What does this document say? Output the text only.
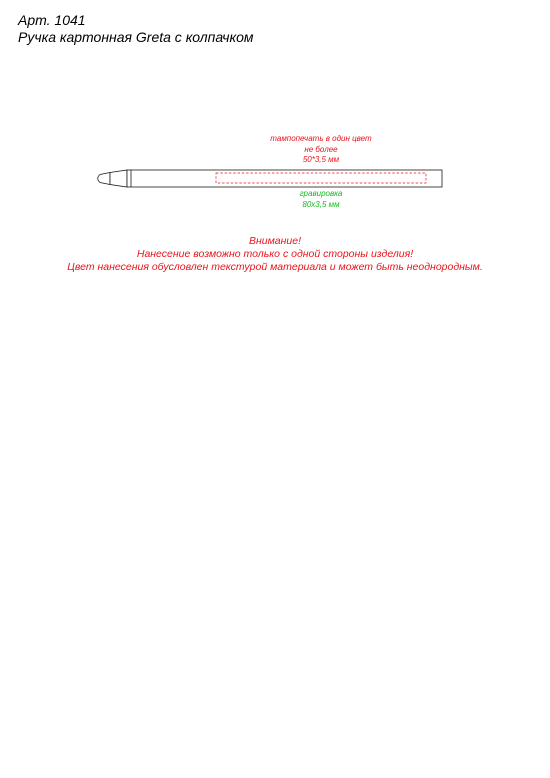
Арт. 1041
Ручка картонная Greta с колпачком
тампопечать в один цвет
не более
50*3,5 мм
гравировка
80x3,5 мм
Внимание!
Нанесение возможно только с одной стороны изделия!
Цвет нанесения обусловлен текстурой материала и может быть неоднородным.
